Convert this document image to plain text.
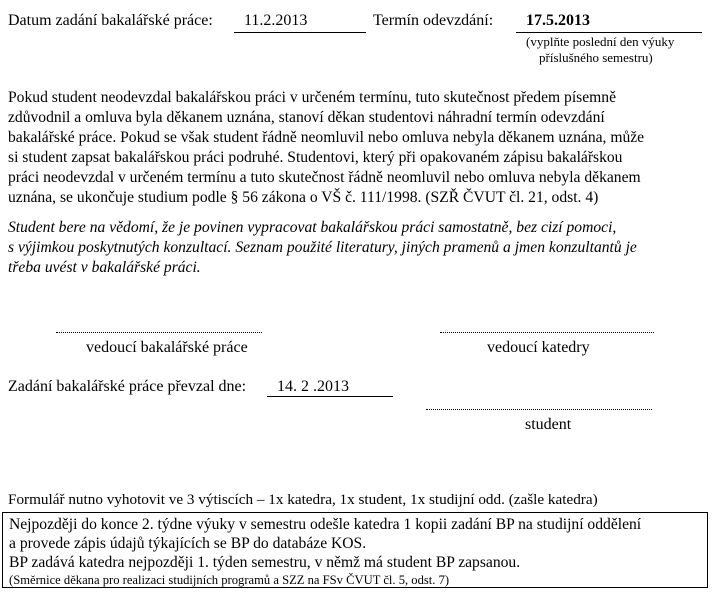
Datum zadání bakalářské práce: 11.2.2013	Termín odevzdání: 17.5.2013
(vyplňte poslední den výuky
příslušného semestru)
Pokud student neodevzdal bakalářskou práci v určeném termínu, tuto skutečnost předem písemně
zdůvodnil a omluva byla děkanem uznána, stanoví děkan studentovi náhradní termín odevzdání
bakalářské práce. Pokud se však student řádně neomluvil nebo omluva nebyla děkanem uznána, může
si student zapsat bakalářskou práci podruhé. Studentovi, který při opakovaném zápisu bakalářskou
práci neodevzdal v určeném termínu a tuto skutečnost řádně neomluvil nebo omluva nebyla děkanem
uznána, se ukončuje studium podle § 56 zákona o VŠ č. 111/1998. (SZŘ ČVUT čl. 21, odst. 4)
Student bere na vědomí, že je povinen vypracovat bakalářskou práci samostatně, bez cizí pomoci,
s výjimkou poskytnutých konzultací. Seznam použité literatury, jiných pramenů a jmen konzultantů je
třeba uvést v bakalářské práci.
vedoucí bakalářské práce	vedoucí katedry
Zadání bakalářské práce převzal dne: 14. 2 .2013
student
Formulář nutno vyhotovit ve 3 výtiscích – 1x katedra, 1x student, 1x studijní odd. (zašle katedra)
Nejpozději do konce 2. týdne výuky v semestru odešle katedra 1 kopii zadání BP na studijní oddělení
a provede zápis údajů týkajících se BP do databáze KOS.
BP zadává katedra nejpozději 1. týden semestru, v němž má student BP zapsanou.
(Směrnice děkana pro realizaci studijních programů a SZZ na FSv ČVUT čl. 5, odst. 7)
